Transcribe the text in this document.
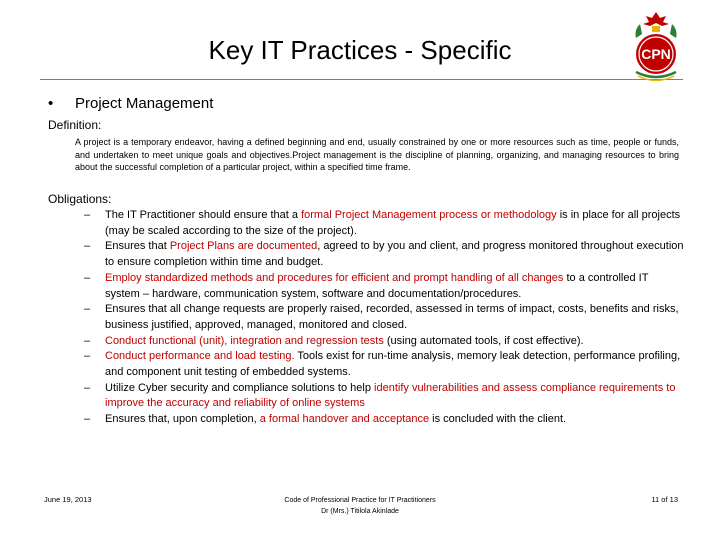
Key IT Practices - Specific	CPN
• Project Management
Definition:
A project is a temporary endeavor, having a defined beginning and end, usually constrained by one or more resources such as time, people or funds, and undertaken to meet unique goals and objectives.Project management is the discipline of planning, organizing, and managing resources to bring about the successful completion of a particular project, within a specified time frame.
Obligations:
– The IT Practitioner should ensure that a formal Project Management process or methodology is in place for all projects (may be scaled according to the size of the project).
– Ensures that Project Plans are documented, agreed to by you and client, and progress monitored throughout execution to ensure completion within time and budget.
– Employ standardized methods and procedures for efficient and prompt handling of all changes to a controlled IT system – hardware, communication system, software and documentation/procedures.
– Ensures that all change requests are properly raised, recorded, assessed in terms of impact, costs, benefits and risks, business justified, approved, managed, monitored and closed.
– Conduct functional (unit), integration and regression tests (using automated tools, if cost effective).
– Conduct performance and load testing. Tools exist for run-time analysis, memory leak detection, performance profiling, and component unit testing of embedded systems.
– Utilize Cyber security and compliance solutions to help identify vulnerabilities and assess compliance requirements to improve the accuracy and reliability of online systems
– Ensures that, upon completion, a formal handover and acceptance is concluded with the client.
June 19, 2013	Code of Professional Practice for IT Practitioners
Dr (Mrs.) Titilola Akinlade
11 of 13
